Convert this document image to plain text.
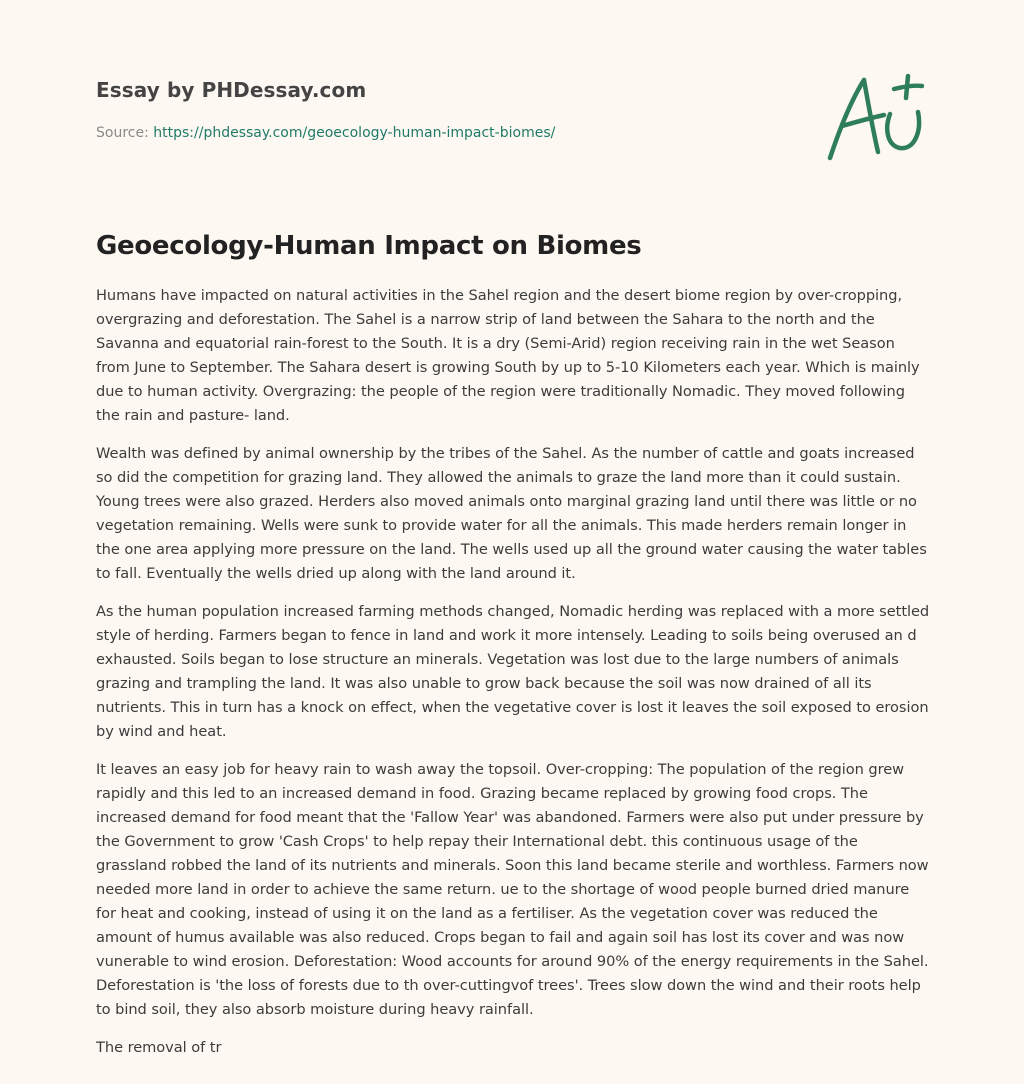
Essay by PHDessay.com
Source: https://phdessay.com/geoecology-human-impact-biomes/
Geoecology-Human Impact on Biomes

Humans have impacted on natural activities in the Sahel region and the desert biome region by over-cropping, overgrazing and deforestation. The Sahel is a narrow strip of land between the Sahara to the north and the Savanna and equatorial rain-forest to the South. It is a dry (Semi-Arid) region receiving rain in the wet Season from June to September. The Sahara desert is growing South by up to 5-10 Kilometers each year. Which is mainly due to human activity. Overgrazing: the people of the region were traditionally Nomadic. They moved following the rain and pasture- land.

Wealth was defined by animal ownership by the tribes of the Sahel. As the number of cattle and goats increased so did the competition for grazing land. They allowed the animals to graze the land more than it could sustain. Young trees were also grazed. Herders also moved animals onto marginal grazing land until there was little or no vegetation remaining. Wells were sunk to provide water for all the animals. This made herders remain longer in the one area applying more pressure on the land. The wells used up all the ground water causing the water tables to fall. Eventually the wells dried up along with the land around it.

As the human population increased farming methods changed, Nomadic herding was replaced with a more settled style of herding. Farmers began to fence in land and work it more intensely. Leading to soils being overused an d exhausted. Soils began to lose structure an minerals. Vegetation was lost due to the large numbers of animals grazing and trampling the land. It was also unable to grow back because the soil was now drained of all its nutrients. This in turn has a knock on effect, when the vegetative cover is lost it leaves the soil exposed to erosion by wind and heat.

It leaves an easy job for heavy rain to wash away the topsoil. Over-cropping: The population of the region grew rapidly and this led to an increased demand in food. Grazing became replaced by growing food crops. The increased demand for food meant that the 'Fallow Year' was abandoned. Farmers were also put under pressure by the Government to grow 'Cash Crops' to help repay their International debt. this continuous usage of the grassland robbed the land of its nutrients and minerals. Soon this land became sterile and worthless. Farmers now needed more land in order to achieve the same return. ue to the shortage of wood people burned dried manure for heat and cooking, instead of using it on the land as a fertiliser. As the vegetation cover was reduced the amount of humus available was also reduced. Crops began to fail and again soil has lost its cover and was now vunerable to wind erosion. Deforestation: Wood accounts for around 90% of the energy requirements in the Sahel. Deforestation is 'the loss of forests due to th over-cuttingvof trees'. Trees slow down the wind and their roots help to bind soil, they also absorb moisture during heavy rainfall.

The removal of tr
